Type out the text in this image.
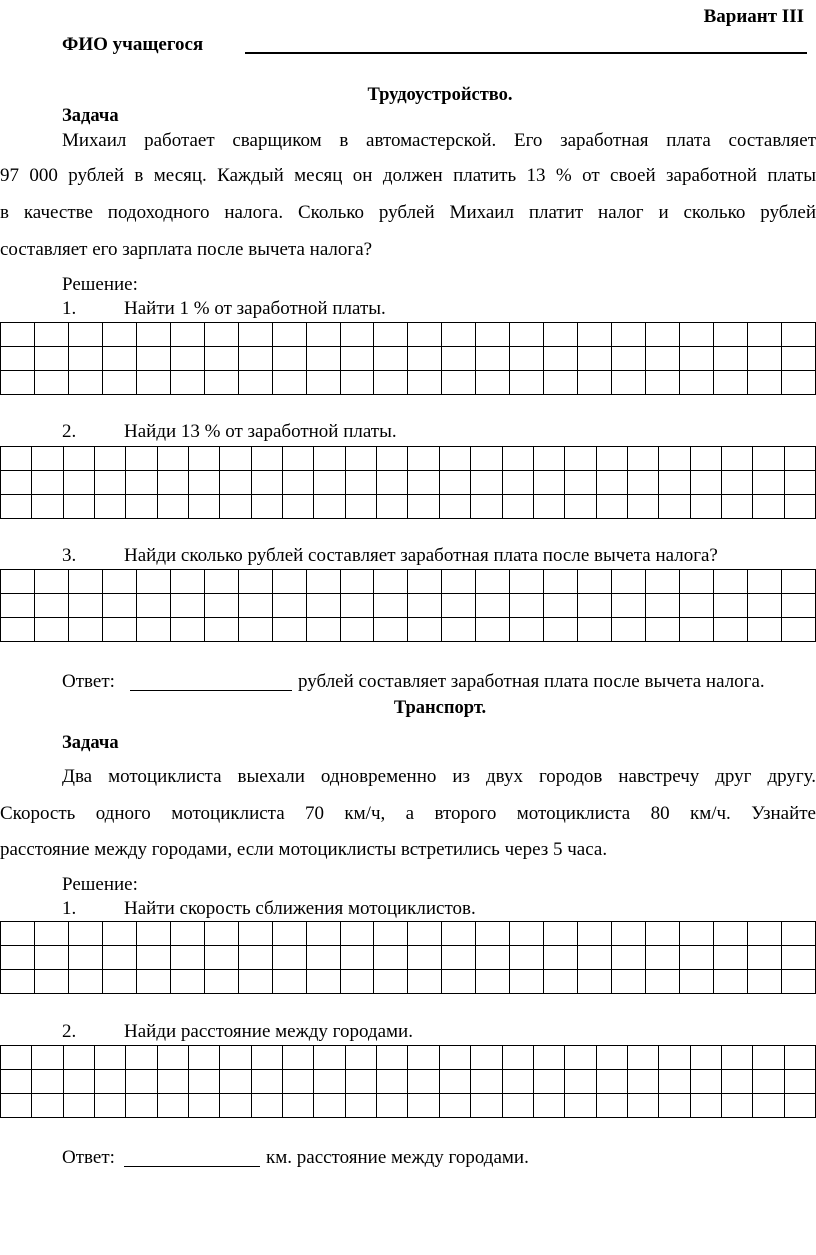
Вариант III
ФИО учащегося
Трудоустройство.
Задача
Михаил работает сварщиком в автомастерской. Его заработная плата составляет
97 000 рублей в месяц. Каждый месяц он должен платить 13 % от своей заработной платы
в качестве подоходного налога. Сколько рублей Михаил платит налог и сколько рублей
составляет его зарплата после вычета налога?
Решение:
1.	Найти 1 % от заработной платы.

2.	Найди 13 % от заработной платы.

3.	Найди сколько рублей составляет заработная плата после вычета налога?

Ответ:	рублей составляет заработная плата после вычета налога.
Транспорт.
Задача
Два мотоциклиста выехали одновременно из двух городов навстречу друг другу.
Скорость одного мотоциклиста 70 км/ч, а второго мотоциклиста 80 км/ч. Узнайте
расстояние между городами, если мотоциклисты встретились через 5 часа.
Решение:
1.	Найти скорость сближения мотоциклистов.

2.	Найди расстояние между городами.

Ответ:	км. расстояние между городами.
